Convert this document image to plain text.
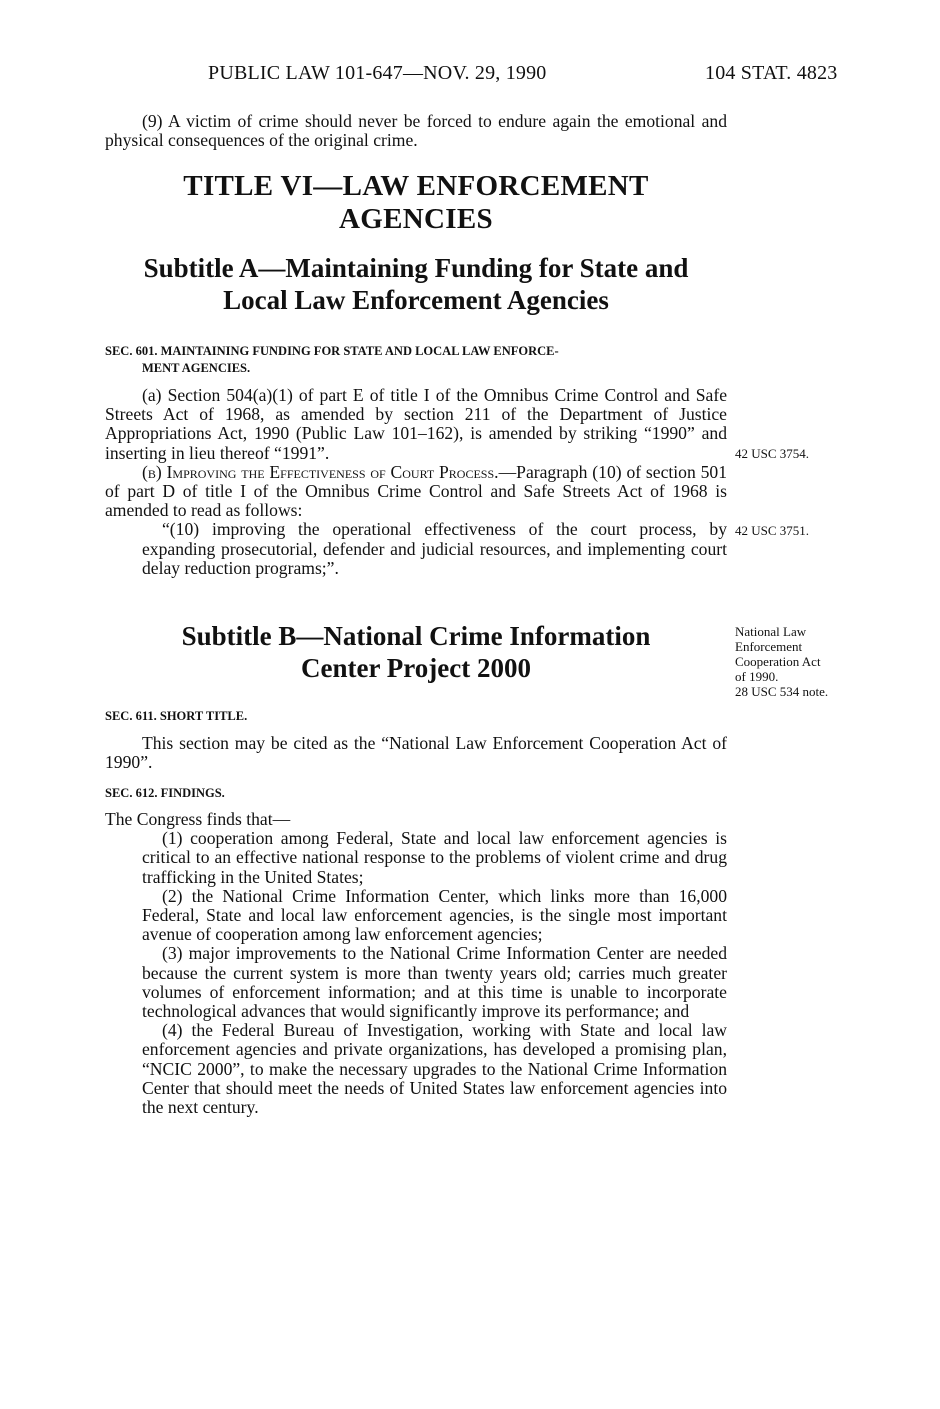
PUBLIC LAW 101-647—NOV. 29, 1990	104 STAT. 4823

(9) A victim of crime should never be forced to endure again the emotional and physical consequences of the original crime.

TITLE VI—LAW ENFORCEMENT
AGENCIES
Subtitle A—Maintaining Funding for State and
Local Law Enforcement Agencies
SEC. 601. MAINTAINING FUNDING FOR STATE AND LOCAL LAW ENFORCE-
MENT AGENCIES.

(a) Section 504(a)(1) of part E of title I of the Omnibus Crime Control and Safe Streets Act of 1968, as amended by section 211 of the Department of Justice Appropriations Act, 1990 (Public Law 101–162), is amended by striking “1990” and inserting in lieu thereof “1991”.

(b) Improving the Effectiveness of Court Process.—Paragraph (10) of section 501 of part D of title I of the Omnibus Crime Control and Safe Streets Act of 1968 is amended to read as follows:

“(10) improving the operational effectiveness of the court process, by expanding prosecutorial, defender and judicial resources, and implementing court delay reduction programs;”.

42 USC 3754.
42 USC 3751.
Subtitle B—National Crime Information
Center Project 2000
National Law
Enforcement
Cooperation Act
of 1990.
28 USC 534 note.
SEC. 611. SHORT TITLE.

This section may be cited as the “National Law Enforcement Cooperation Act of 1990”.

SEC. 612. FINDINGS.

The Congress finds that—

(1) cooperation among Federal, State and local law enforcement agencies is critical to an effective national response to the problems of violent crime and drug trafficking in the United States;

(2) the National Crime Information Center, which links more than 16,000 Federal, State and local law enforcement agencies, is the single most important avenue of cooperation among law enforcement agencies;

(3) major improvements to the National Crime Information Center are needed because the current system is more than twenty years old; carries much greater volumes of enforcement information; and at this time is unable to incorporate technological advances that would significantly improve its performance; and

(4) the Federal Bureau of Investigation, working with State and local law enforcement agencies and private organizations, has developed a promising plan, “NCIC 2000”, to make the necessary upgrades to the National Crime Information Center that should meet the needs of United States law enforcement agencies into the next century.
